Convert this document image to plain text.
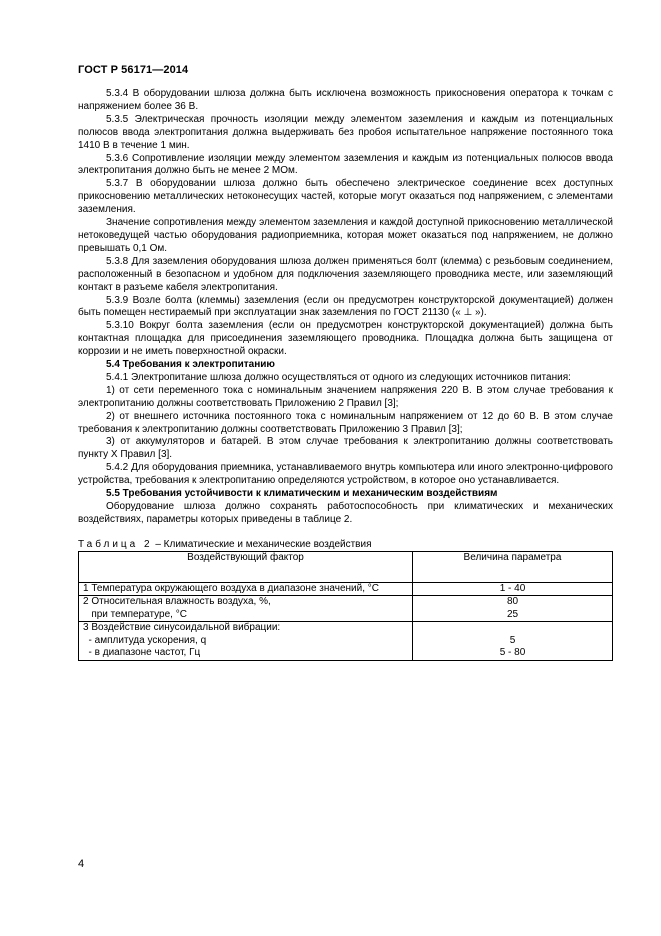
ГОСТ Р 56171—2014

5.3.4 В оборудовании шлюза должна быть исключена возможность прикосновения оператора к точкам с напряжением более 36 В.

5.3.5 Электрическая прочность изоляции между элементом заземления и каждым из потенциальных полюсов ввода электропитания должна выдерживать без пробоя испытательное напряжение постоянного тока 1410 В в течение 1 мин.

5.3.6 Сопротивление изоляции между элементом заземления и каждым из потенциальных полюсов ввода электропитания должно быть не менее 2 МОм.

5.3.7 В оборудовании шлюза должно быть обеспечено электрическое соединение всех доступных прикосновению металлических нетоконесущих частей, которые могут оказаться под напряжением, с элементами заземления.

Значение сопротивления между элементом заземления и каждой доступной прикосновению металлической нетоковедущей частью оборудования радиоприемника, которая может оказаться под напряжением, не должно превышать 0,1 Ом.

5.3.8 Для заземления оборудования шлюза должен применяться болт (клемма) с резьбовым соединением, расположенный в безопасном и удобном для подключения заземляющего проводника месте, или заземляющий контакт в разъеме кабеля электропитания.

5.3.9 Возле болта (клеммы) заземления (если он предусмотрен конструкторской документацией) должен быть помещен нестираемый при эксплуатации знак заземления по ГОСТ 21130 (« ⊥ »).

5.3.10 Вокруг болта заземления (если он предусмотрен конструкторской документацией) должна быть контактная площадка для присоединения заземляющего проводника. Площадка должна быть защищена от коррозии и не иметь поверхностной окраски.

5.4 Требования к электропитанию

5.4.1 Электропитание шлюза должно осуществляться от одного из следующих источников питания:

1) от сети переменного тока с номинальным значением напряжения 220 В. В этом случае требования к электропитанию должны соответствовать Приложению 2 Правил [3];

2) от внешнего источника постоянного тока с номинальным напряжением от 12 до 60 В. В этом случае требования к электропитанию должны соответствовать Приложению 3 Правил [3];

3) от аккумуляторов и батарей. В этом случае требования к электропитанию должны соответствовать пункту Х Правил [3].

5.4.2 Для оборудования приемника, устанавливаемого внутрь компьютера или иного электронно-цифрового устройства, требования к электропитанию определяются устройством, в которое оно устанавливается.

5.5 Требования устойчивости к климатическим и механическим воздействиям

Оборудование шлюза должно сохранять работоспособность при климатических и механических воздействиях, параметры которых приведены в таблице 2.

Таблица 2 – Климатические и механические воздействия
Воздействующий фактор	Величина параметра
1 Температура окружающего воздуха в диапазоне значений, °С	1 - 40
2 Относительная влажность воздуха, %,	80
при температуре, °С	25
3 Воздействие синусоидальной вибрации:	
- амплитуда ускорения, q	5
- в диапазоне частот, Гц	5 - 80
4
